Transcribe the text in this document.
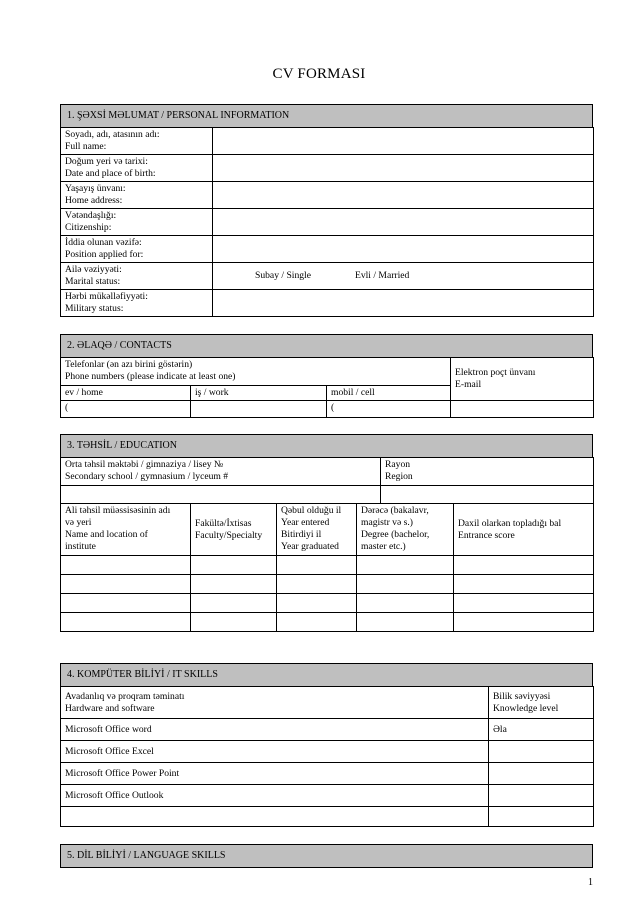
CV FORMASI
1. ŞƏXSİ MƏLUMAT / PERSONAL INFORMATION
Soyadı, adı, atasının adı:
Full name:	

Doğum yeri və tarixi:
Date and place of birth:	

Yaşayış ünvanı:
Home address:	

Vətəndaşlığı:
Citizenship:	

İddia olunan vəzifə:
Position applied for:	

Ailə vəziyyəti:
Marital status:	Subay / Single Evli / Married

Hərbi mükəlləfiyyəti:
Military status:	

2. ƏLAQƏ / CONTACTS
Telefonlar (ən azı birini göstərin)
Phone numbers (please indicate at least one)			Elektron poçt ünvanı
E-mail

ev / home	iş / work	mobil / cell	
(		(	
3. TƏHSİL / EDUCATION
Orta təhsil məktəbi / gimnaziya / lisey №
Secondary school / gymnasium / lyceum #	Rayon
Region

Ali təhsil müəssisəsinin adı
və yeri
Name and location of
institute	Fakültə/İxtisas
Faculty/Specialty	Qəbul olduğu il
Year entered
Bitirdiyi il
Year graduated	Dərəcə (bakalavr,
magistr və s.)
Degree (bachelor,
master etc.)	Daxil olarkən topladığı bal
Entrance score

4. KOMPÜTER BİLİYİ / IT SKILLS
Avadanlıq və proqram təminatı
Hardware and software	Bilik səviyyəsi
Knowledge level

Microsoft Office word	Əla
Microsoft Office Excel	
Microsoft Office Power Point	
Microsoft Office Outlook	

5. DİL BİLİYİ / LANGUAGE SKILLS
1
